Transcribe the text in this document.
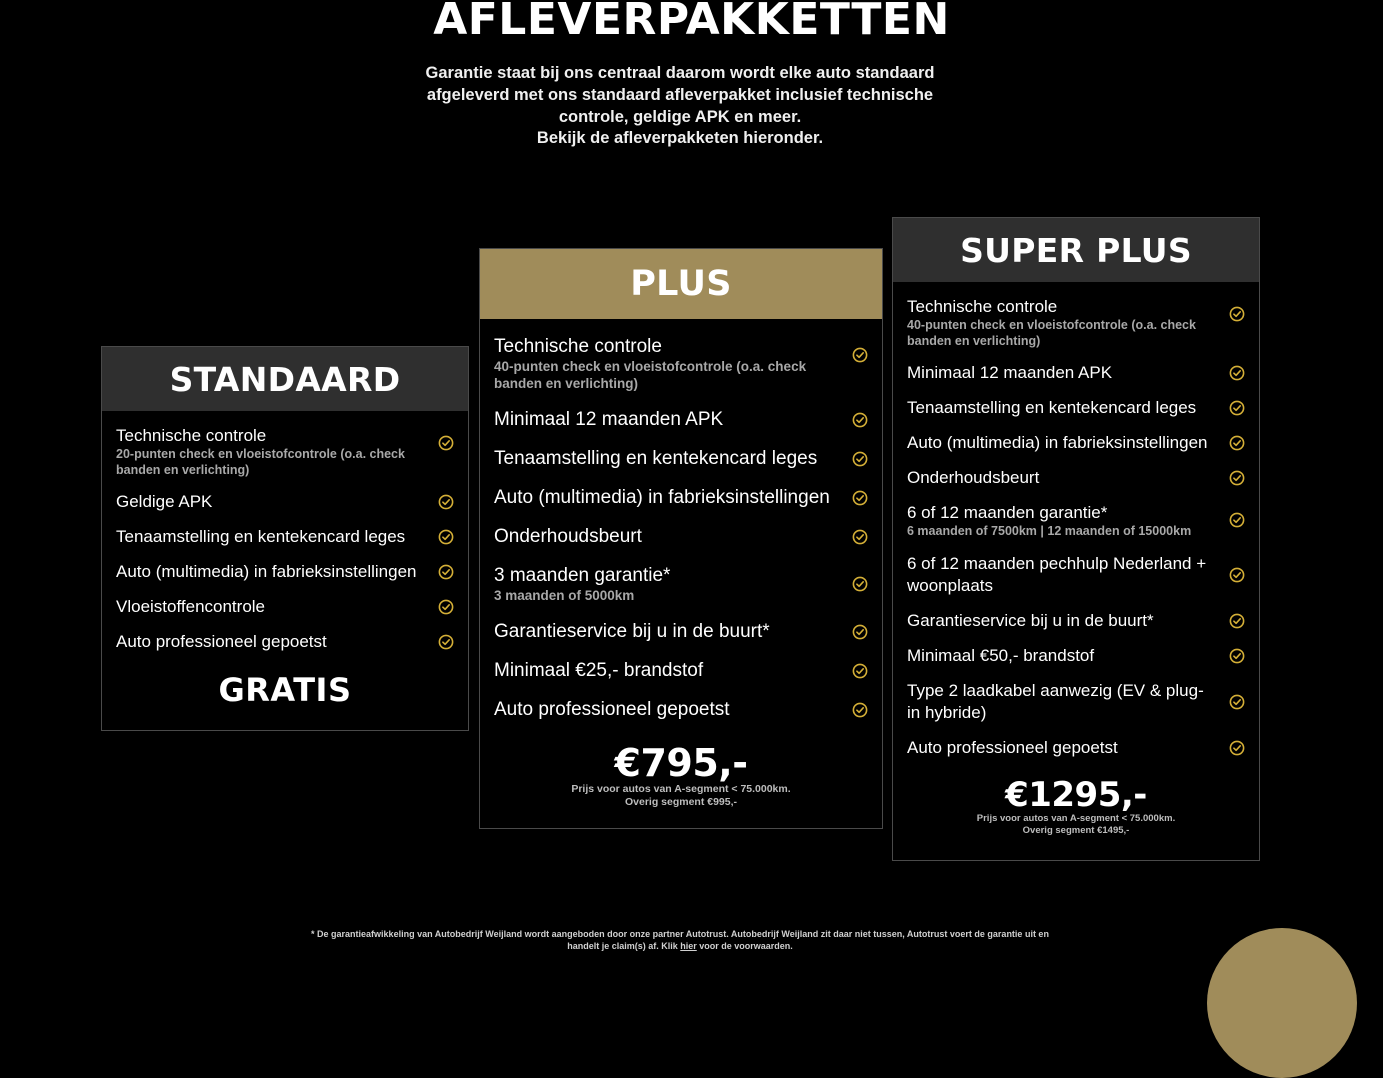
AFLEVERPAKKETTEN

Garantie staat bij ons centraal daarom wordt elke auto standaard

afgeleverd met ons standaard afleverpakket inclusief technische

controle, geldige APK en meer.

Bekijk de afleverpakketen hieronder.

STANDAARD
Technische controle
20-punten check en vloeistofcontrole (o.a. check banden en verlichting)
Geldige APK
Tenaamstelling en kentekencard leges
Auto (multimedia) in fabrieksinstellingen
Vloeistoffencontrole
Auto professioneel gepoetst
GRATIS
PLUS
Technische controle
40-punten check en vloeistofcontrole (o.a. check banden en verlichting)
Minimaal 12 maanden APK
Tenaamstelling en kentekencard leges
Auto (multimedia) in fabrieksinstellingen
Onderhoudsbeurt
3 maanden garantie*
3 maanden of 5000km
Garantieservice bij u in de buurt*
Minimaal €25,- brandstof
Auto professioneel gepoetst
€795,-
Prijs voor autos van A-segment < 75.000km.
Overig segment €995,-
SUPER PLUS
Technische controle
40-punten check en vloeistofcontrole (o.a. check banden en verlichting)
Minimaal 12 maanden APK
Tenaamstelling en kentekencard leges
Auto (multimedia) in fabrieksinstellingen
Onderhoudsbeurt
6 of 12 maanden garantie*
6 maanden of 7500km | 12 maanden of 15000km
6 of 12 maanden pechhulp Nederland + woonplaats
Garantieservice bij u in de buurt*
Minimaal €50,- brandstof
Type 2 laadkabel aanwezig (EV & plug-in hybride)
Auto professioneel gepoetst
€1295,-
Prijs voor autos van A-segment < 75.000km.
Overig segment €1495,-
* De garantieafwikkeling van Autobedrijf Weijland wordt aangeboden door onze partner Autotrust. Autobedrijf Weijland zit daar niet tussen, Autotrust voert de garantie uit en
handelt je claim(s) af. Klik hier voor de voorwaarden.
